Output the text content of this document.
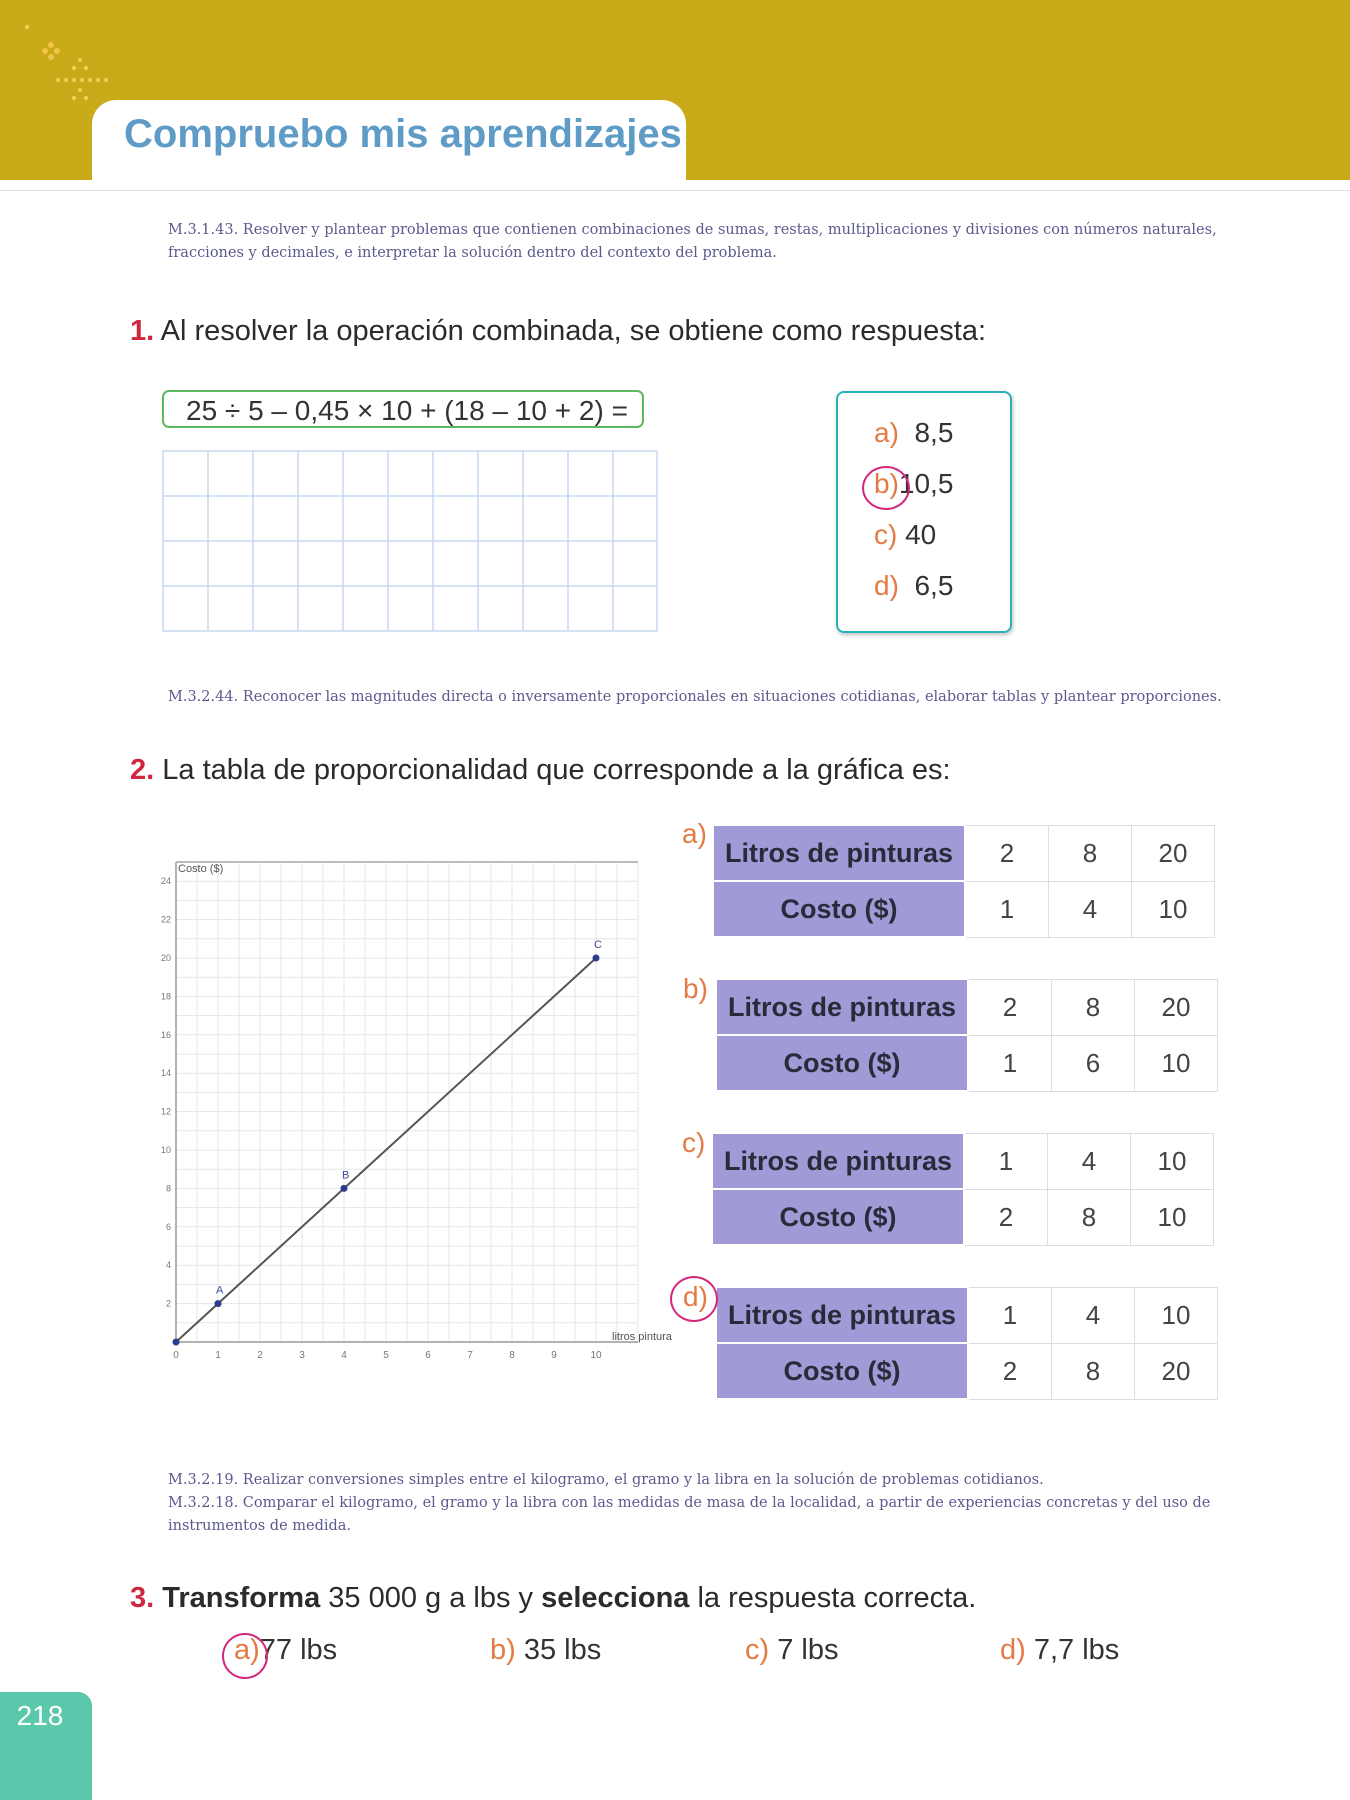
Compruebo mis aprendizajes
M.3.1.43. Resolver y plantear problemas que contienen combinaciones de sumas, restas, multiplicaciones y divisiones con números naturales, fracciones y decimales, e interpretar la solución dentro del contexto del problema.
1. Al resolver la operación combinada, se obtiene como respuesta:
25 ÷ 5 – 0,45 × 10 + (18 – 10 + 2) =
a) 8,5
b)10,5
c) 40
d) 6,5
M.3.2.44. Reconocer las magnitudes directa o inversamente proporcionales en situaciones cotidianas, elaborar tablas y plantear proporciones.
2. La tabla de proporcionalidad que corresponde a la gráfica es:
0	1	2	3	4	5	6	7	8	9	10
2
4
6
8
10
12
14
16
18
20
22
24
A
B
C
Costo ($)
litros pintura
a)
Litros de pinturas	2	8	20
Costo ($)	1	4	10
b)
Litros de pinturas	2	8	20
Costo ($)	1	6	10
c)
Litros de pinturas	1	4	10
Costo ($)	2	8	10
d)
Litros de pinturas	1	4	10
Costo ($)	2	8	20
M.3.2.19. Realizar conversiones simples entre el kilogramo, el gramo y la libra en la solución de problemas cotidianos.
M.3.2.18. Comparar el kilogramo, el gramo y la libra con las medidas de masa de la localidad, a partir de experiencias concretas y del uso de instrumentos de medida.
3. Transforma 35 000 g a lbs y selecciona la respuesta correcta.
a)77 lbs	b) 35 lbs	c) 7 lbs	d) 7,7 lbs
218
